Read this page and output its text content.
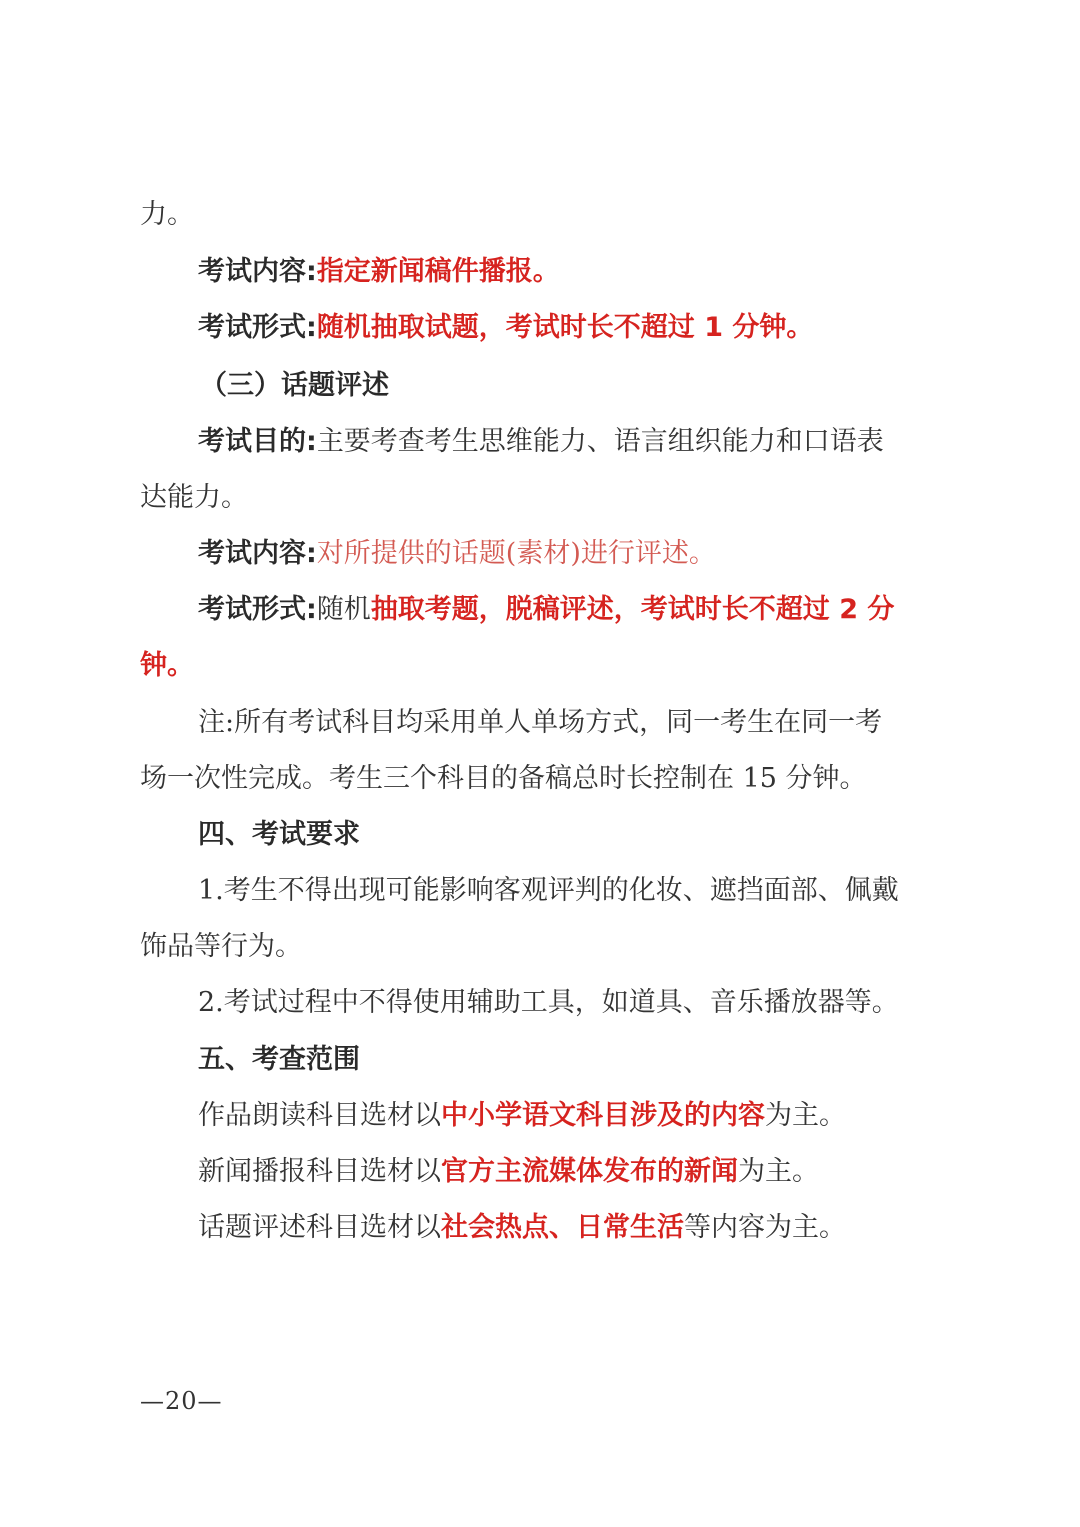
力。
考试内容:指定新闻稿件播报。
考试形式:随机抽取试题，考试时长不超过 1 分钟。
（三）话题评述
考试目的:主要考查考生思维能力、语言组织能力和口语表
达能力。
考试内容:对所提供的话题(素材)进行评述。
考试形式:随机抽取考题，脱稿评述，考试时长不超过 2 分
钟。
注:所有考试科目均采用单人单场方式，同一考生在同一考
场一次性完成。考生三个科目的备稿总时长控制在 15 分钟。
四、考试要求
1.考生不得出现可能影响客观评判的化妆、遮挡面部、佩戴
饰品等行为。
2.考试过程中不得使用辅助工具，如道具、音乐播放器等。
五、考查范围
作品朗读科目选材以中小学语文科目涉及的内容为主。
新闻播报科目选材以官方主流媒体发布的新闻为主。
话题评述科目选材以社会热点、日常生活等内容为主。
—20—
